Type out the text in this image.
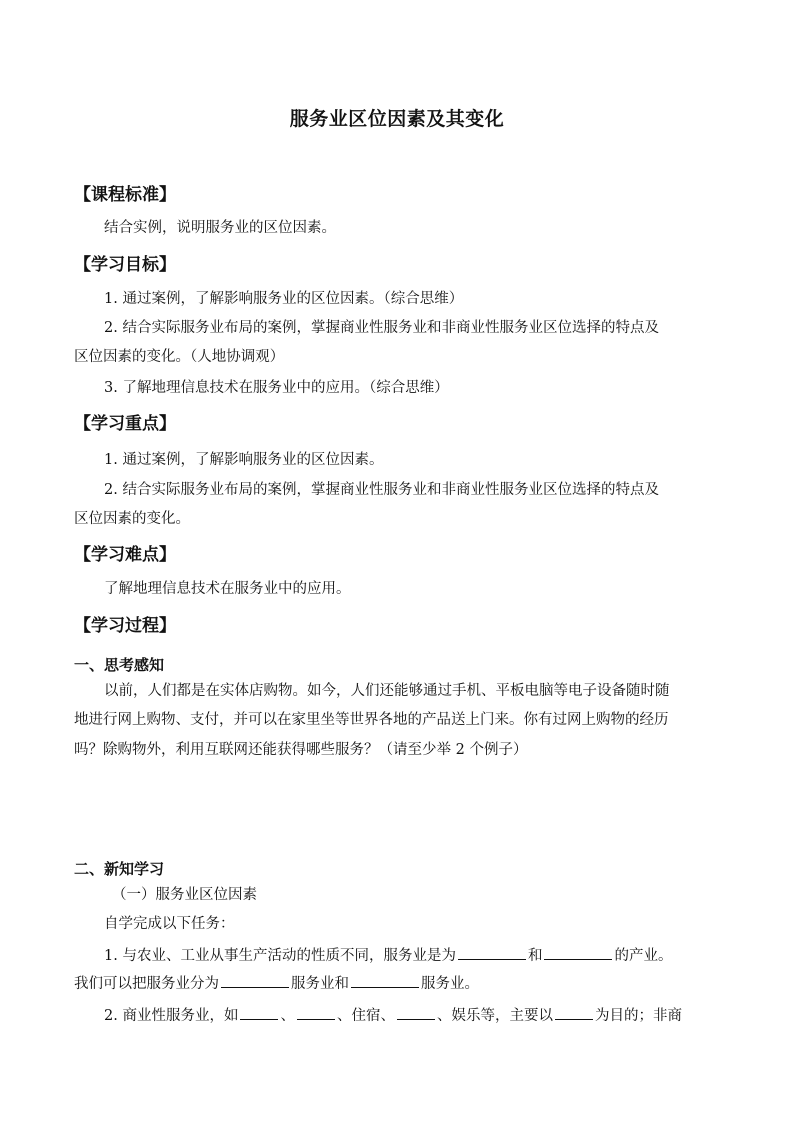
服务业区位因素及其变化
【课程标准】
结合实例，说明服务业的区位因素。
【学习目标】
1. 通过案例，了解影响服务业的区位因素。（综合思维）
2. 结合实际服务业布局的案例，掌握商业性服务业和非商业性服务业区位选择的特点及
区位因素的变化。（人地协调观）
3. 了解地理信息技术在服务业中的应用。（综合思维）
【学习重点】
1. 通过案例，了解影响服务业的区位因素。
2. 结合实际服务业布局的案例，掌握商业性服务业和非商业性服务业区位选择的特点及
区位因素的变化。
【学习难点】
了解地理信息技术在服务业中的应用。
【学习过程】
一、思考感知
以前，人们都是在实体店购物。如今，人们还能够通过手机、平板电脑等电子设备随时随
地进行网上购物、支付，并可以在家里坐等世界各地的产品送上门来。你有过网上购物的经历
吗？除购物外，利用互联网还能获得哪些服务？（请至少举 2 个例子）
二、新知学习
（一）服务业区位因素
自学完成以下任务：
1. 与农业、工业从事生产活动的性质不同，服务业是为	和	的产业。
我们可以把服务业分为	服务业和	服务业。
2. 商业性服务业，如	、	、住宿、	、娱乐等，主要以	为目的；非商
